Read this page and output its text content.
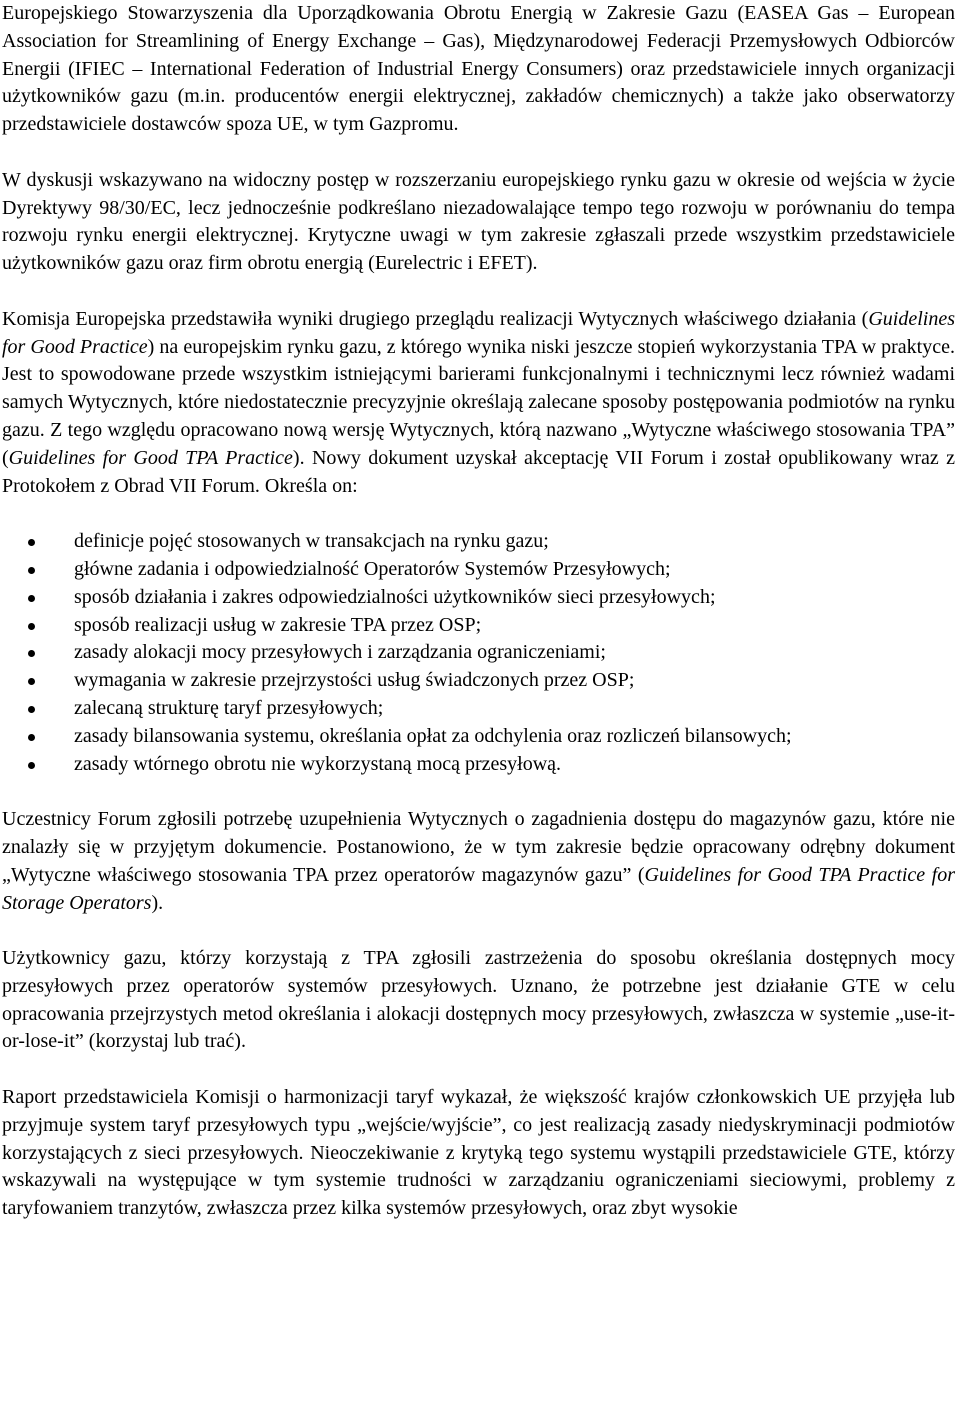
Europejskiego Stowarzyszenia dla Uporządkowania Obrotu Energią w Zakresie Gazu (EASEA Gas – European Association for Streamlining of Energy Exchange – Gas), Międzynarodowej Federacji Przemysłowych Odbiorców Energii (IFIEC – International Federation of Industrial Energy Consumers) oraz przedstawiciele innych organizacji użytkowników gazu (m.in. producentów energii elektrycznej, zakładów chemicznych) a także jako obserwatorzy przedstawiciele dostawców spoza UE, w tym Gazpromu.

W dyskusji wskazywano na widoczny postęp w rozszerzaniu europejskiego rynku gazu w okresie od wejścia w życie Dyrektywy 98/30/EC, lecz jednocześnie podkreślano niezadowalające tempo tego rozwoju w porównaniu do tempa rozwoju rynku energii elektrycznej. Krytyczne uwagi w tym zakresie zgłaszali przede wszystkim przedstawiciele użytkowników gazu oraz firm obrotu energią (Eurelectric i EFET).

Komisja Europejska przedstawiła wyniki drugiego przeglądu realizacji Wytycznych właściwego działania (Guidelines for Good Practice) na europejskim rynku gazu, z którego wynika niski jeszcze stopień wykorzystania TPA w praktyce. Jest to spowodowane przede wszystkim istniejącymi barierami funkcjonalnymi i technicznymi lecz również wadami samych Wytycznych, które niedostatecznie precyzyjnie określają zalecane sposoby postępowania podmiotów na rynku gazu. Z tego względu opracowano nową wersję Wytycznych, którą nazwano „Wytyczne właściwego stosowania TPA” (Guidelines for Good TPA Practice). Nowy dokument uzyskał akceptację VII Forum i został opublikowany wraz z Protokołem z Obrad VII Forum. Określa on:

definicje pojęć stosowanych w transakcjach na rynku gazu;
główne zadania i odpowiedzialność Operatorów Systemów Przesyłowych;
sposób działania i zakres odpowiedzialności użytkowników sieci przesyłowych;
sposób realizacji usług w zakresie TPA przez OSP;
zasady alokacji mocy przesyłowych i zarządzania ograniczeniami;
wymagania w zakresie przejrzystości usług świadczonych przez OSP;
zalecaną strukturę taryf przesyłowych;
zasady bilansowania systemu, określania opłat za odchylenia oraz rozliczeń bilansowych;
zasady wtórnego obrotu nie wykorzystaną mocą przesyłową.

Uczestnicy Forum zgłosili potrzebę uzupełnienia Wytycznych o zagadnienia dostępu do magazynów gazu, które nie znalazły się w przyjętym dokumencie. Postanowiono, że w tym zakresie będzie opracowany odrębny dokument „Wytyczne właściwego stosowania TPA przez operatorów magazynów gazu” (Guidelines for Good TPA Practice for Storage Operators).

Użytkownicy gazu, którzy korzystają z TPA zgłosili zastrzeżenia do sposobu określania dostępnych mocy przesyłowych przez operatorów systemów przesyłowych. Uznano, że potrzebne jest działanie GTE w celu opracowania przejrzystych metod określania i alokacji dostępnych mocy przesyłowych, zwłaszcza w systemie „use-it-or-lose-it” (korzystaj lub trać).

Raport przedstawiciela Komisji o harmonizacji taryf wykazał, że większość krajów członkowskich UE przyjęła lub przyjmuje system taryf przesyłowych typu „wejście/wyjście”, co jest realizacją zasady niedyskryminacji podmiotów korzystających z sieci przesyłowych. Nieoczekiwanie z krytyką tego systemu wystąpili przedstawiciele GTE, którzy wskazywali na występujące w tym systemie trudności w zarządzaniu ograniczeniami sieciowymi, problemy z taryfowaniem tranzytów, zwłaszcza przez kilka systemów przesyłowych, oraz zbyt wysokie
